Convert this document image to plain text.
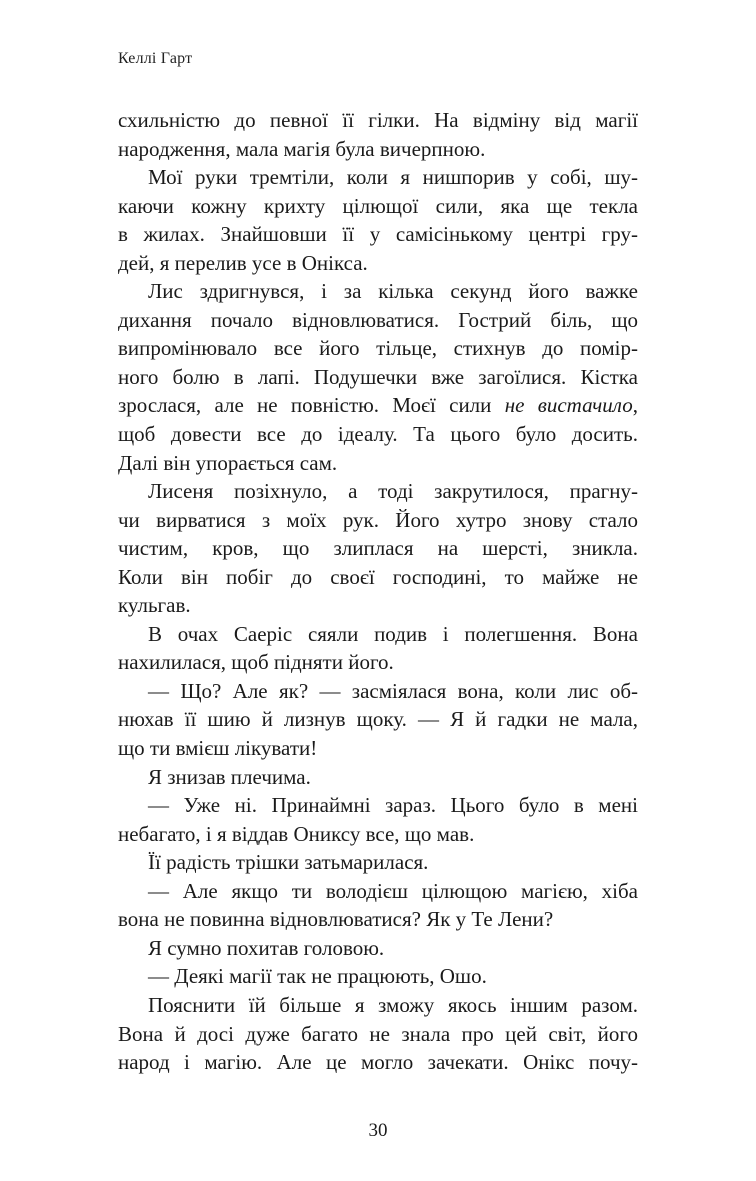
Келлі Гарт
схильністю до певної її гілки. На відміну від магії
народження, мала магія була вичерпною.
Мої руки тремтіли, коли я нишпорив у собі, шу-
каючи кожну крихту цілющої сили, яка ще текла
в жилах. Знайшовши її у самісінькому центрі гру-
дей, я перелив усе в Онікса.
Лис здригнувся, і за кілька секунд його важке
дихання почало відновлюватися. Гострий біль, що
випромінювало все його тільце, стихнув до помір-
ного болю в лапі. Подушечки вже загоїлися. Кістка
зрослася, але не повністю. Моєї сили не вистачило,
щоб довести все до ідеалу. Та цього було досить.
Далі він упорається сам.
Лисеня позіхнуло, а тоді закрутилося, прагну-
чи вирватися з моїх рук. Його хутро знову стало
чистим, кров, що злиплася на шерсті, зникла.
Коли він побіг до своєї господині, то майже не
кульгав.
В очах Саеріс сяяли подив і полегшення. Вона
нахилилася, щоб підняти його.
— Що? Але як? — засміялася вона, коли лис об-
нюхав її шию й лизнув щоку. — Я й гадки не мала,
що ти вмієш лікувати!
Я знизав плечима.
— Уже ні. Принаймні зараз. Цього було в мені
небагато, і я віддав Ониксу все, що мав.
Її радість трішки затьмарилася.
— Але якщо ти володієш цілющою магією, хіба
вона не повинна відновлюватися? Як у Те Лени?
Я сумно похитав головою.
— Деякі магії так не працюють, Ошо.
Пояснити їй більше я зможу якось іншим разом.
Вона й досі дуже багато не знала про цей світ, його
народ і магію. Але це могло зачекати. Онікс почу-
30
